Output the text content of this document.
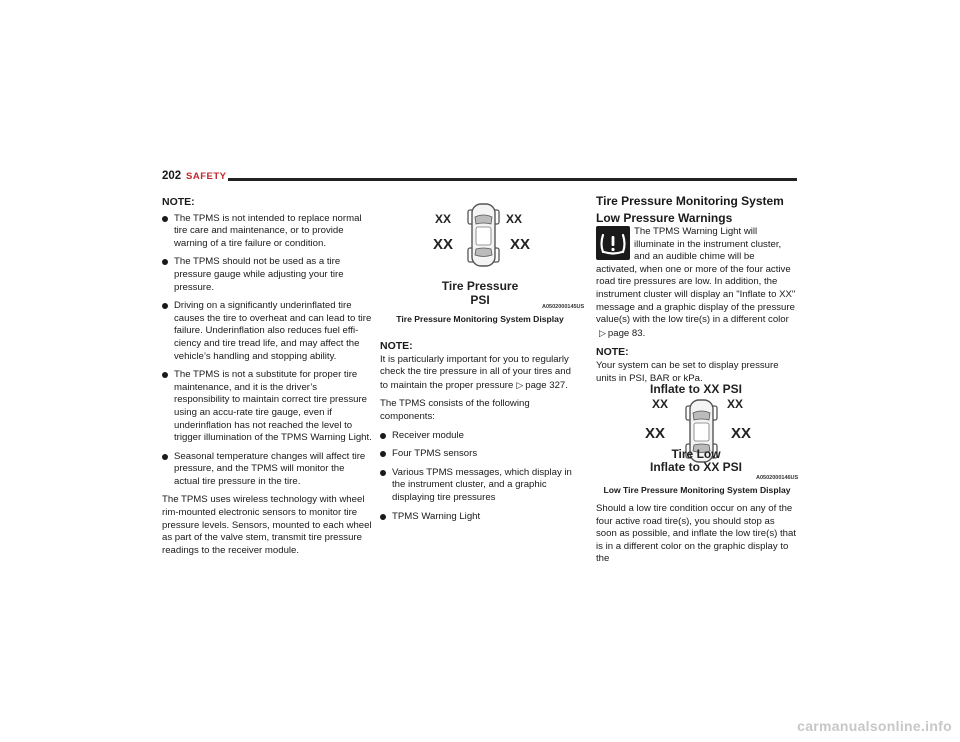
202 SAFETY
NOTE:
The TPMS is not intended to replace normal tire care and maintenance, or to provide warning of a tire failure or condition.
The TPMS should not be used as a tire pressure gauge while adjusting your tire pressure.
Driving on a significantly underinflated tire causes the tire to overheat and can lead to tire failure. Underinflation also reduces fuel effi-ciency and tire tread life, and may affect the vehicle’s handling and stopping ability.
The TPMS is not a substitute for proper tire maintenance, and it is the driver’s responsibility to maintain correct tire pressure using an accu-rate tire gauge, even if underinflation has not reached the level to trigger illumination of the TPMS Warning Light.
Seasonal temperature changes will affect tire pressure, and the TPMS will monitor the actual tire pressure in the tire.

The TPMS uses wireless technology with wheel rim-mounted electronic sensors to monitor tire pressure levels. Sensors, mounted to each wheel as part of the valve stem, transmit tire pressure readings to the receiver module.

XX	XX
XX	XX
Tire Pressure
PSI	A0502000145US
Tire Pressure Monitoring System Display
NOTE:

It is particularly important for you to regularly check the tire pressure in all of your tires and to maintain the proper pressure ▷ page 327.

The TPMS consists of the following components:

Receiver module
Four TPMS sensors
Various TPMS messages, which display in the instrument cluster, and a graphic displaying tire pressures
TPMS Warning Light
Tire Pressure Monitoring System Low Pressure Warnings

The TPMS Warning Light will illuminate in the instrument cluster, and an audible chime will be activated, when one or more of the four active road tire pressures are low. In addition, the instrument cluster will display an "Inflate to XX" message and a graphic display of the pressure value(s) with the low tire(s) in a different color▷ page 83.

NOTE:

Your system can be set to display pressure units in PSI, BAR or kPa.

Inflate to XX PSI
XX	XX
XX	XX
Tire Low
Inflate to XX PSI
A0502000146US
Low Tire Pressure Monitoring System Display

Should a low tire condition occur on any of the four active road tire(s), you should stop as soon as possible, and inflate the low tire(s) that is in a different color on the graphic display to the

carmanualsonline.info
